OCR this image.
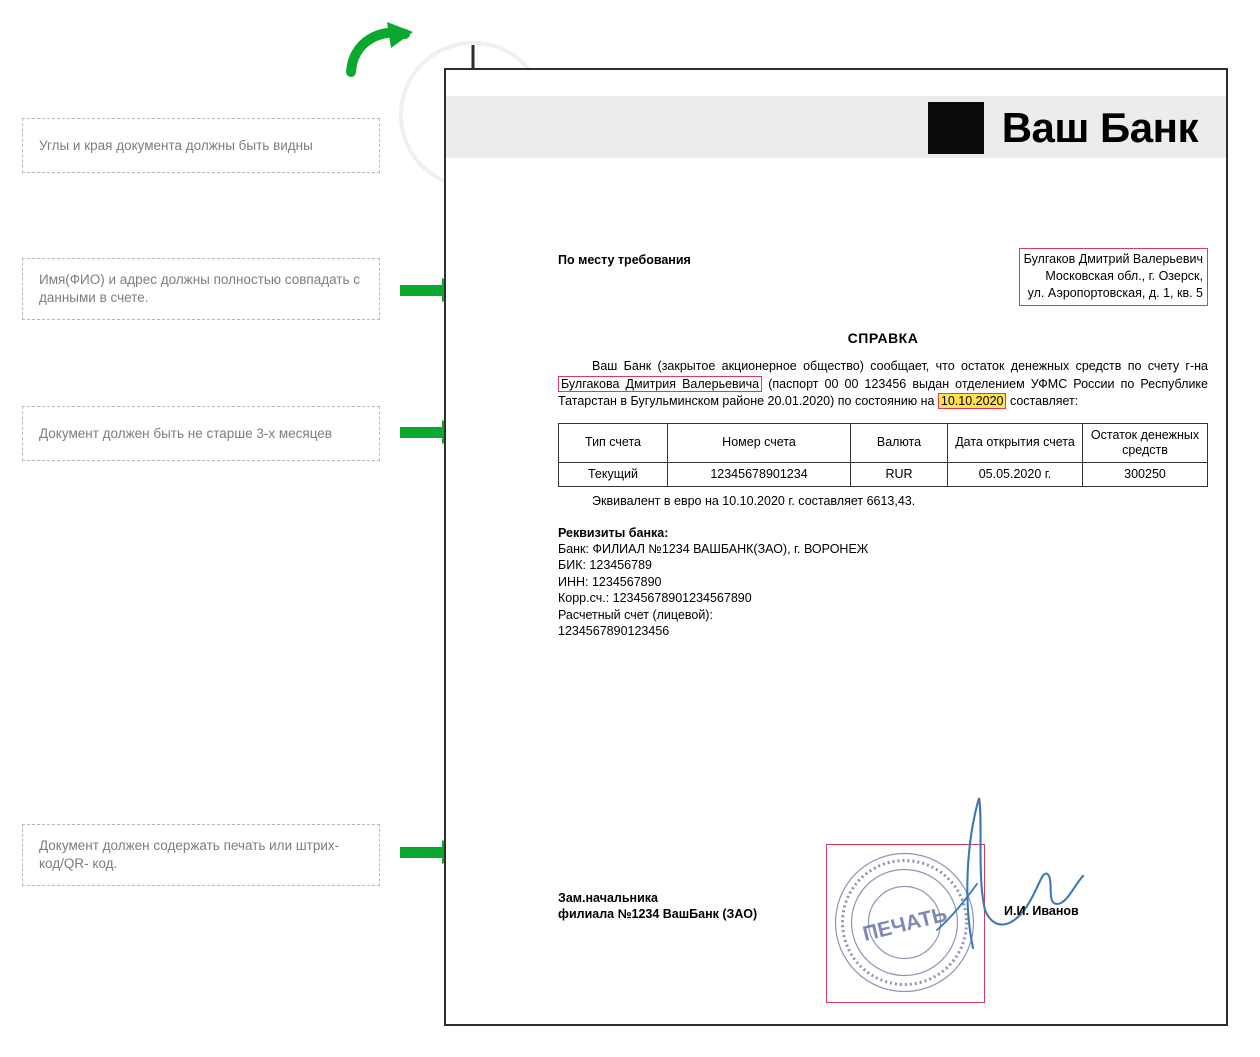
Углы и края документа должны быть видны
Имя(ФИО) и адрес должны полностью совпадать с данными в счете.
Документ должен быть не старше 3-х месяцев
Документ должен содержать печать или штрих-код/QR- код.
Ваш Банк
По месту требования	Булгаков Дмитрий Валерьевич
Московская обл., г. Озерск,
ул. Аэропортовская, д. 1, кв. 5
СПРАВКА
Ваш Банк (закрытое акционерное общество) сообщает, что остаток денежных средств по счету г-на Булгакова Дмитрия Валерьевича (паспорт 00 00 123456 выдан отделением УФМС России по Республике Татарстан в Бугульминском районе 20.01.2020) по состоянию на 10.10.2020 составляет:
Тип счета	Номер счета	Валюта	Дата открытия счета	Остаток денежных средств
Текущий	12345678901234	RUR	05.05.2020 г.	300250
Эквивалент в евро на 10.10.2020 г. составляет 6613,43.
Реквизиты банка:
Банк: ФИЛИАЛ №1234 ВАШБАНК(ЗАО), г. ВОРОНЕЖ
БИК: 123456789
ИНН: 1234567890
Корр.сч.: 12345678901234567890
Расчетный счет (лицевой):
1234567890123456
Зам.начальника
филиала №1234 ВашБанк (ЗАО)	ПЕЧАТЬ	И.И. Иванов
